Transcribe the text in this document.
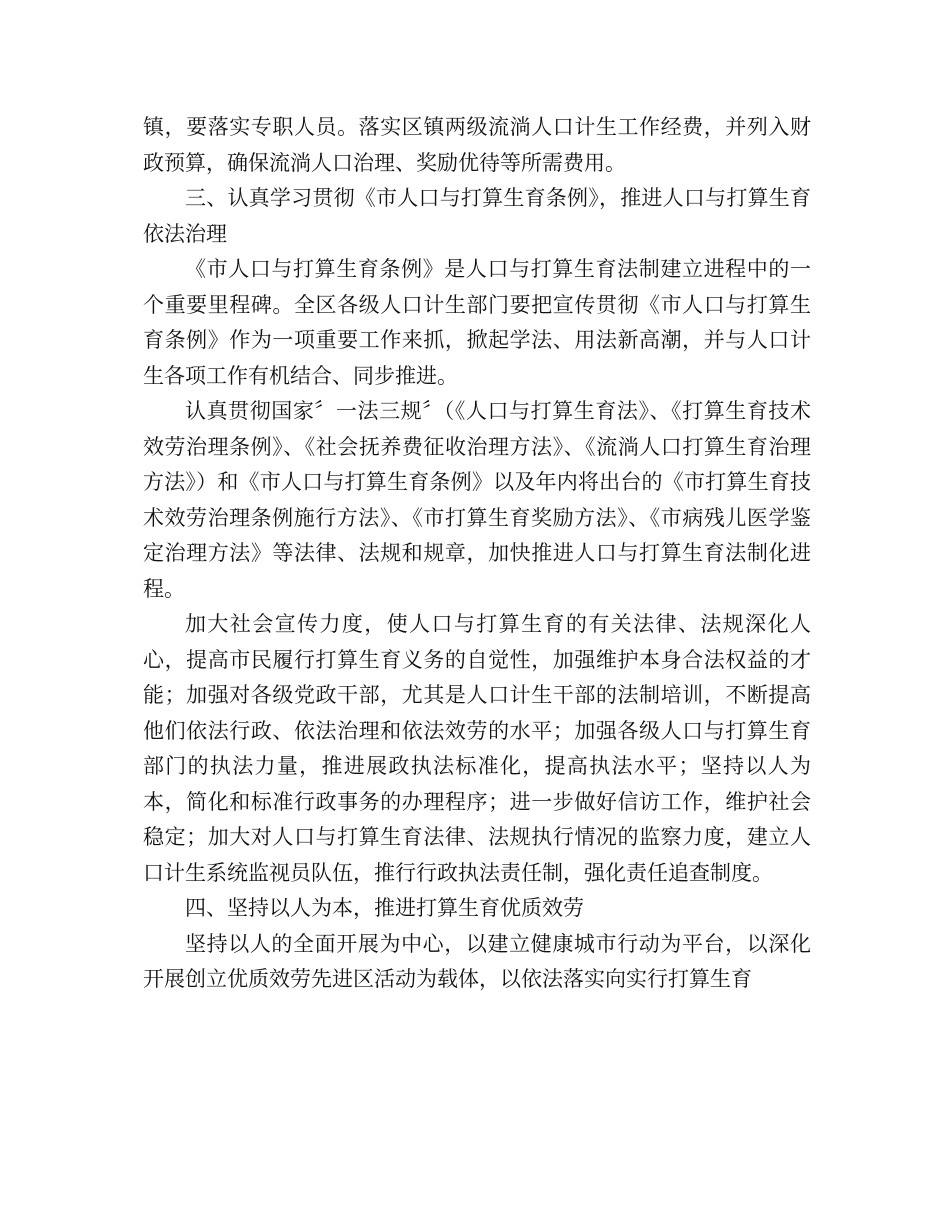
镇，要落实专职人员。落实区镇两级流淌人口计生工作经费，并列入财政预算，确保流淌人口治理、奖励优待等所需费用。

三、认真学习贯彻《市人口与打算生育条例》，推进人口与打算生育依法治理

《市人口与打算生育条例》是人口与打算生育法制建立进程中的一个重要里程碑。全区各级人口计生部门要把宣传贯彻《市人口与打算生育条例》作为一项重要工作来抓，掀起学法、用法新高潮，并与人口计生各项工作有机结合、同步推进。

认真贯彻国家〞一法三规〞（《人口与打算生育法》、《打算生育技术效劳治理条例》、《社会抚养费征收治理方法》、《流淌人口打算生育治理方法》）和《市人口与打算生育条例》以及年内将出台的《市打算生育技术效劳治理条例施行方法》、《市打算生育奖励方法》、《市病残儿医学鉴定治理方法》等法律、法规和规章，加快推进人口与打算生育法制化进程。

加大社会宣传力度，使人口与打算生育的有关法律、法规深化人心，提高市民履行打算生育义务的自觉性，加强维护本身合法权益的才能；加强对各级党政干部，尤其是人口计生干部的法制培训，不断提高他们依法行政、依法治理和依法效劳的水平；加强各级人口与打算生育部门的执法力量，推进展政执法标准化，提高执法水平；坚持以人为本，简化和标准行政事务的办理程序；进一步做好信访工作，维护社会稳定；加大对人口与打算生育法律、法规执行情况的监察力度，建立人口计生系统监视员队伍，推行行政执法责任制，强化责任追查制度。

四、坚持以人为本，推进打算生育优质效劳

坚持以人的全面开展为中心，以建立健康城市行动为平台，以深化开展创立优质效劳先进区活动为载体，以依法落实向实行打算生育
